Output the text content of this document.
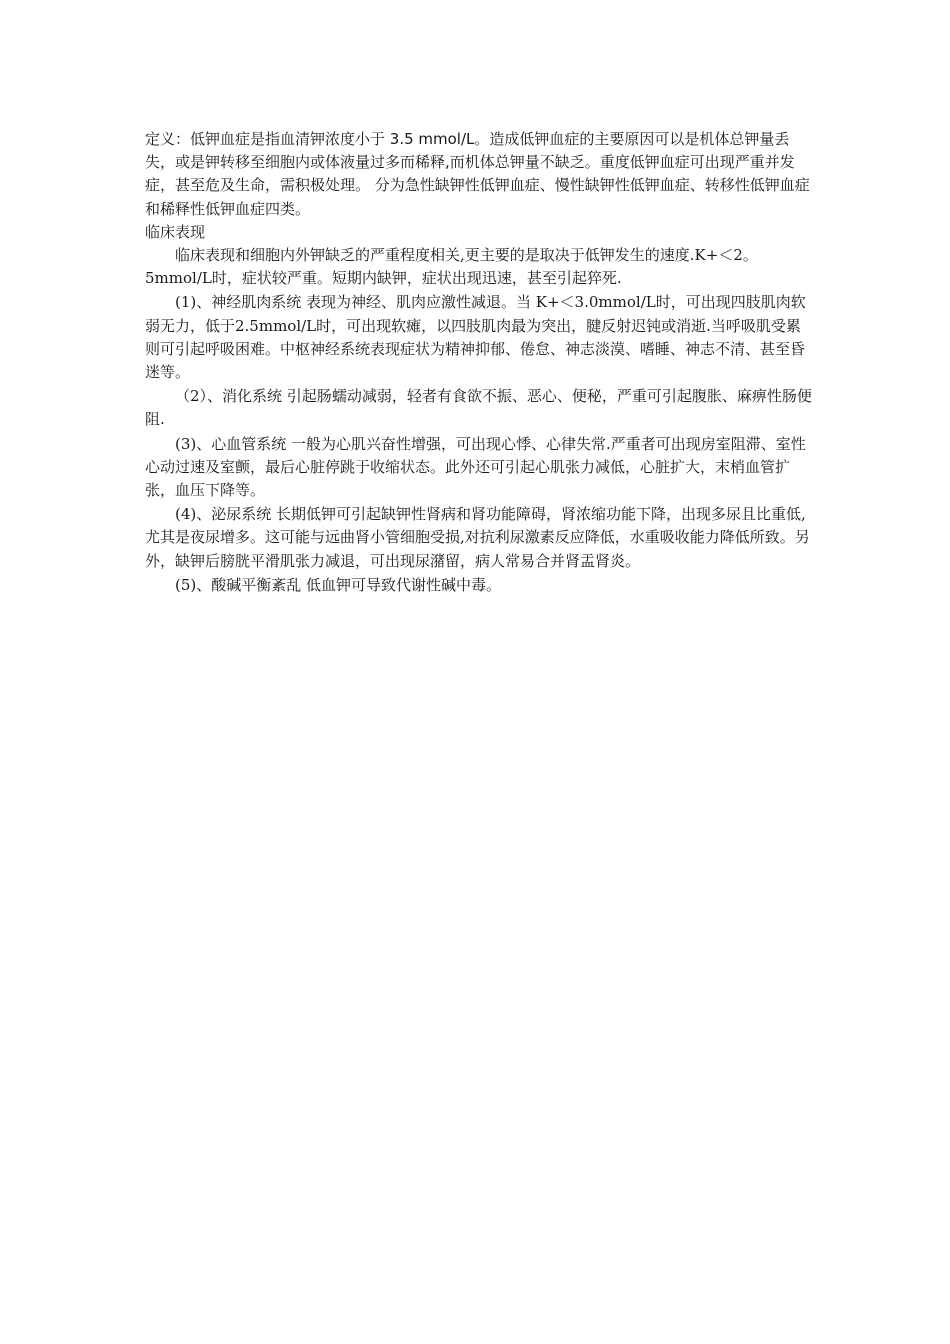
定义：低钾血症是指血清钾浓度小于 3.5 mmol/L。造成低钾血症的主要原因可以是机体总钾量丢失，或是钾转移至细胞内或体液量过多而稀释,而机体总钾量不缺乏。重度低钾血症可出现严重并发症，甚至危及生命，需积极处理。 分为急性缺钾性低钾血症、慢性缺钾性低钾血症、转移性低钾血症和稀释性低钾血症四类。

临床表现

临床表现和细胞内外钾缺乏的严重程度相关,更主要的是取决于低钾发生的速度.K+＜2。5mmol/L时，症状较严重。短期内缺钾，症状出现迅速，甚至引起猝死.

(1)、神经肌肉系统 表现为神经、肌肉应激性减退。当 K+＜3.0mmol/L时，可出现四肢肌肉软弱无力，低于2.5mmol/L时，可出现软瘫，以四肢肌肉最为突出，腱反射迟钝或消逝.当呼吸肌受累则可引起呼吸困难。中枢神经系统表现症状为精神抑郁、倦怠、神志淡漠、嗜睡、神志不清、甚至昏迷等。

（2）、消化系统 引起肠蠕动减弱，轻者有食欲不振、恶心、便秘，严重可引起腹胀、麻痹性肠便阻.

(3)、心血管系统 一般为心肌兴奋性增强，可出现心悸、心律失常.严重者可出现房室阻滞、室性心动过速及室颤，最后心脏停跳于收缩状态。此外还可引起心肌张力减低，心脏扩大，末梢血管扩张，血压下降等。

(4)、泌尿系统 长期低钾可引起缺钾性肾病和肾功能障碍，肾浓缩功能下降，出现多尿且比重低,尤其是夜尿增多。这可能与远曲肾小管细胞受损,对抗利尿激素反应降低，水重吸收能力降低所致。另外，缺钾后膀胱平滑肌张力减退，可出现尿潴留，病人常易合并肾盂肾炎。

(5)、酸碱平衡紊乱 低血钾可导致代谢性碱中毒。
